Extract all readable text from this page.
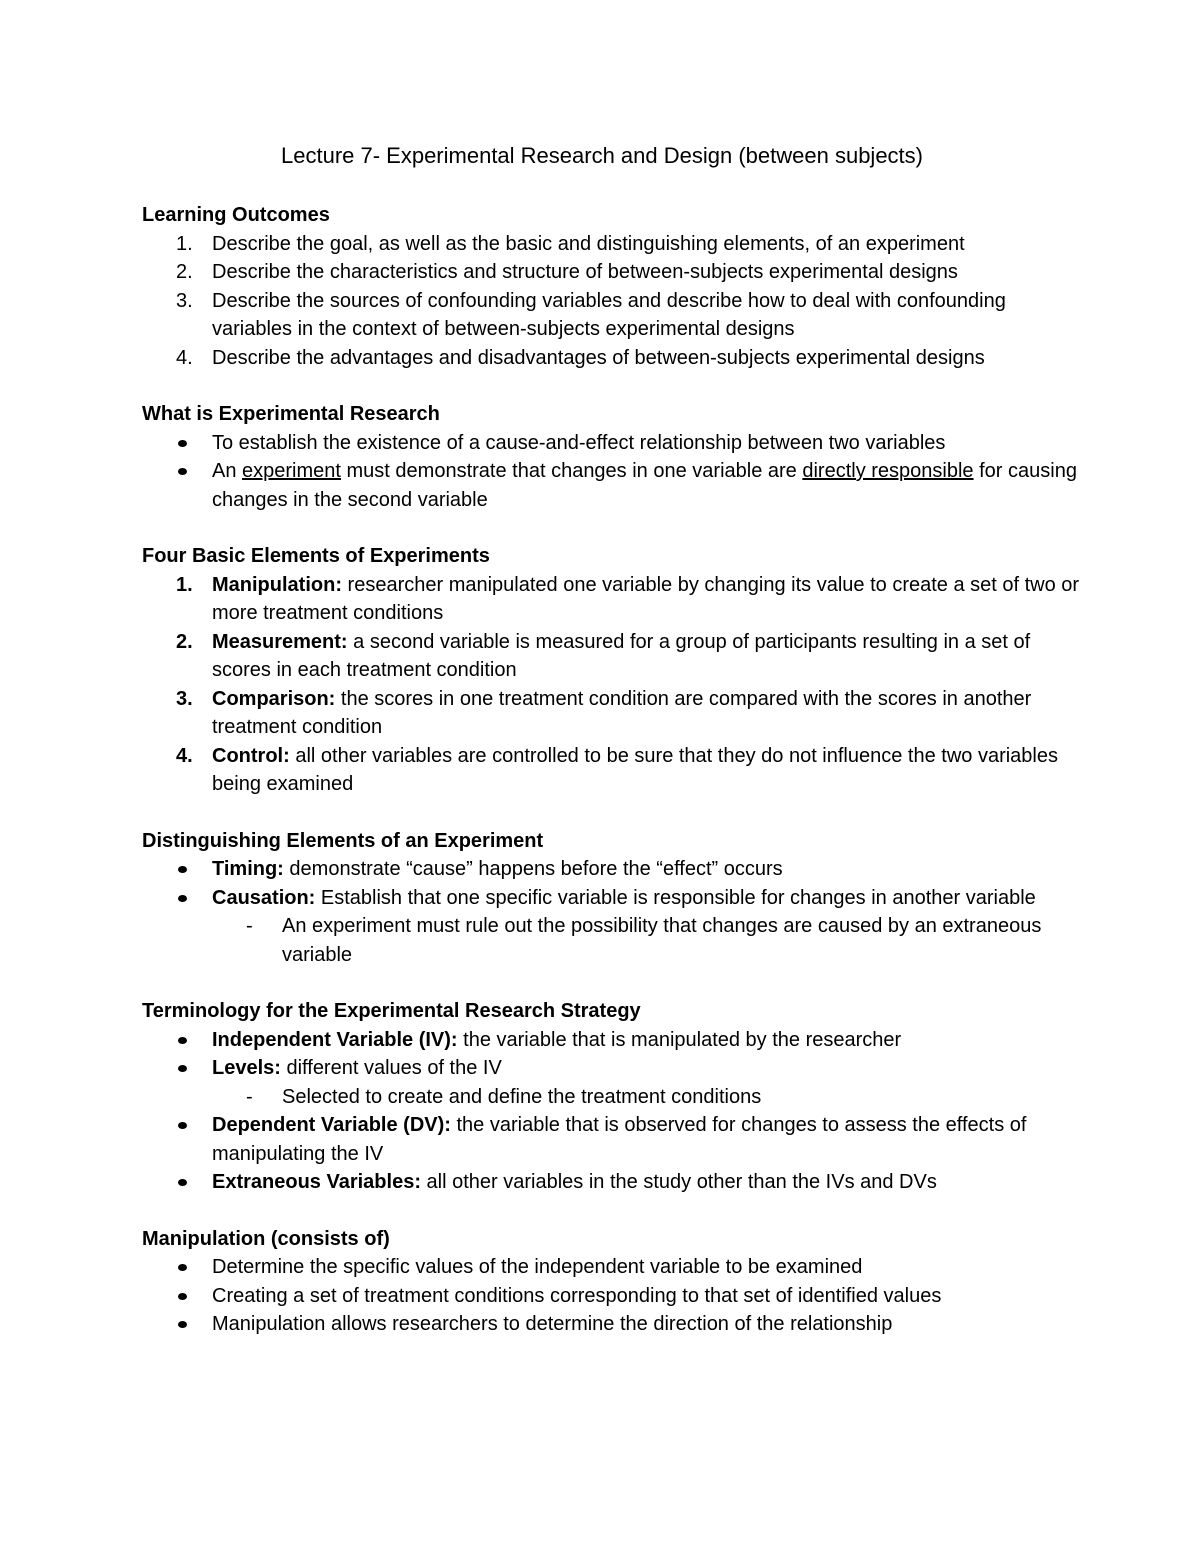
Lecture 7- Experimental Research and Design (between subjects)
Learning Outcomes
1. Describe the goal, as well as the basic and distinguishing elements, of an experiment
2. Describe the characteristics and structure of between-subjects experimental designs
3. Describe the sources of confounding variables and describe how to deal with confounding variables in the context of between-subjects experimental designs
4. Describe the advantages and disadvantages of between-subjects experimental designs
What is Experimental Research
To establish the existence of a cause-and-effect relationship between two variables
An experiment must demonstrate that changes in one variable are directly responsible for causing changes in the second variable
Four Basic Elements of Experiments
1. Manipulation: researcher manipulated one variable by changing its value to create a set of two or more treatment conditions
2. Measurement: a second variable is measured for a group of participants resulting in a set of scores in each treatment condition
3. Comparison: the scores in one treatment condition are compared with the scores in another treatment condition
4. Control: all other variables are controlled to be sure that they do not influence the two variables being examined
Distinguishing Elements of an Experiment
Timing: demonstrate “cause” happens before the “effect” occurs
Causation: Establish that one specific variable is responsible for changes in another variable
- An experiment must rule out the possibility that changes are caused by an extraneous variable
Terminology for the Experimental Research Strategy
Independent Variable (IV): the variable that is manipulated by the researcher
Levels: different values of the IV
- Selected to create and define the treatment conditions
Dependent Variable (DV): the variable that is observed for changes to assess the effects of manipulating the IV
Extraneous Variables: all other variables in the study other than the IVs and DVs
Manipulation (consists of)
Determine the specific values of the independent variable to be examined
Creating a set of treatment conditions corresponding to that set of identified values
Manipulation allows researchers to determine the direction of the relationship
